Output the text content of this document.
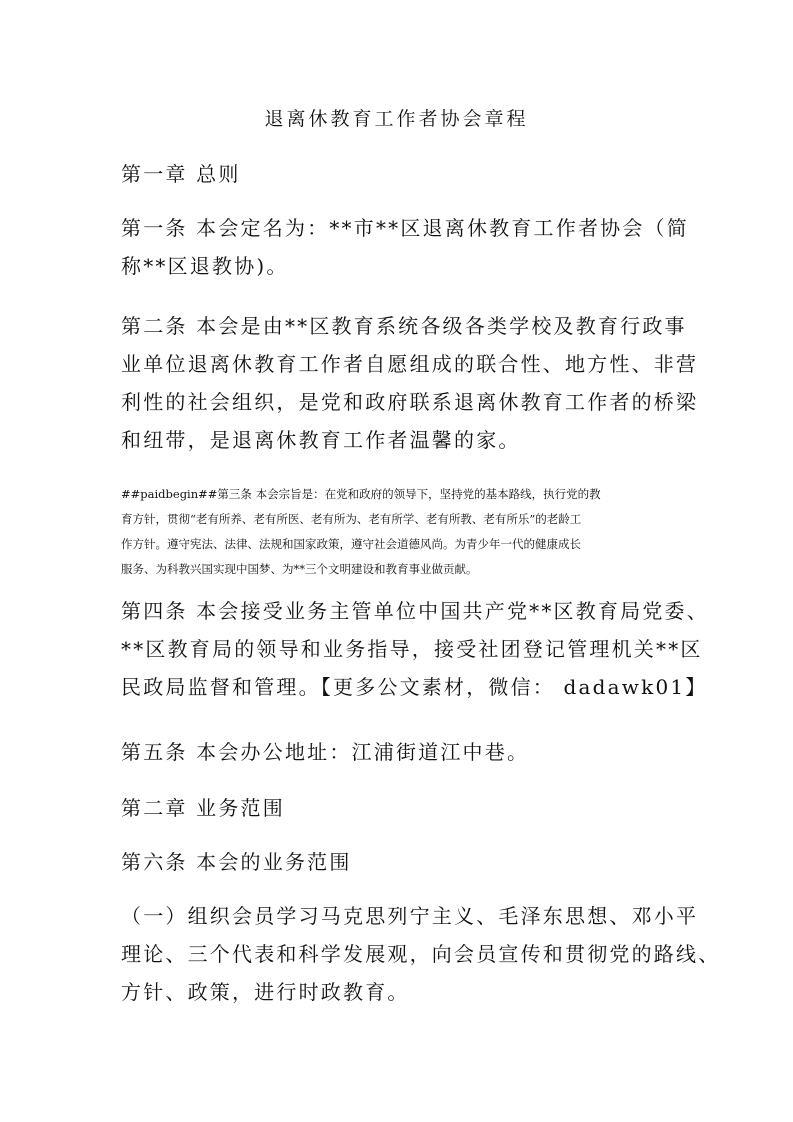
退离休教育工作者协会章程
第一章 总则
第一条 本会定名为：**市**区退离休教育工作者协会（简
称**区退教协)。
第二条 本会是由**区教育系统各级各类学校及教育行政事
业单位退离休教育工作者自愿组成的联合性、地方性、非营
利性的社会组织，是党和政府联系退离休教育工作者的桥梁
和纽带，是退离休教育工作者温馨的家。
##paidbegin##第三条 本会宗旨是：在党和政府的领导下，坚持党的基本路线，执行党的教
育方针，贯彻“老有所养、老有所医、老有所为、老有所学、老有所教、老有所乐”的老龄工
作方针。遵守宪法、法律、法规和国家政策，遵守社会道德风尚。为青少年一代的健康成长
服务、为科教兴国实现中国梦、为**三个文明建设和教育事业做贡献。
第四条 本会接受业务主管单位中国共产党**区教育局党委、
**区教育局的领导和业务指导，接受社团登记管理机关**区
民政局监督和管理。【更多公文素材，微信： dadawk01】
第五条 本会办公地址：江浦街道江中巷。
第二章 业务范围
第六条 本会的业务范围
（一）组织会员学习马克思列宁主义、毛泽东思想、邓小平
理论、三个代表和科学发展观，向会员宣传和贯彻党的路线、
方针、政策，进行时政教育。
